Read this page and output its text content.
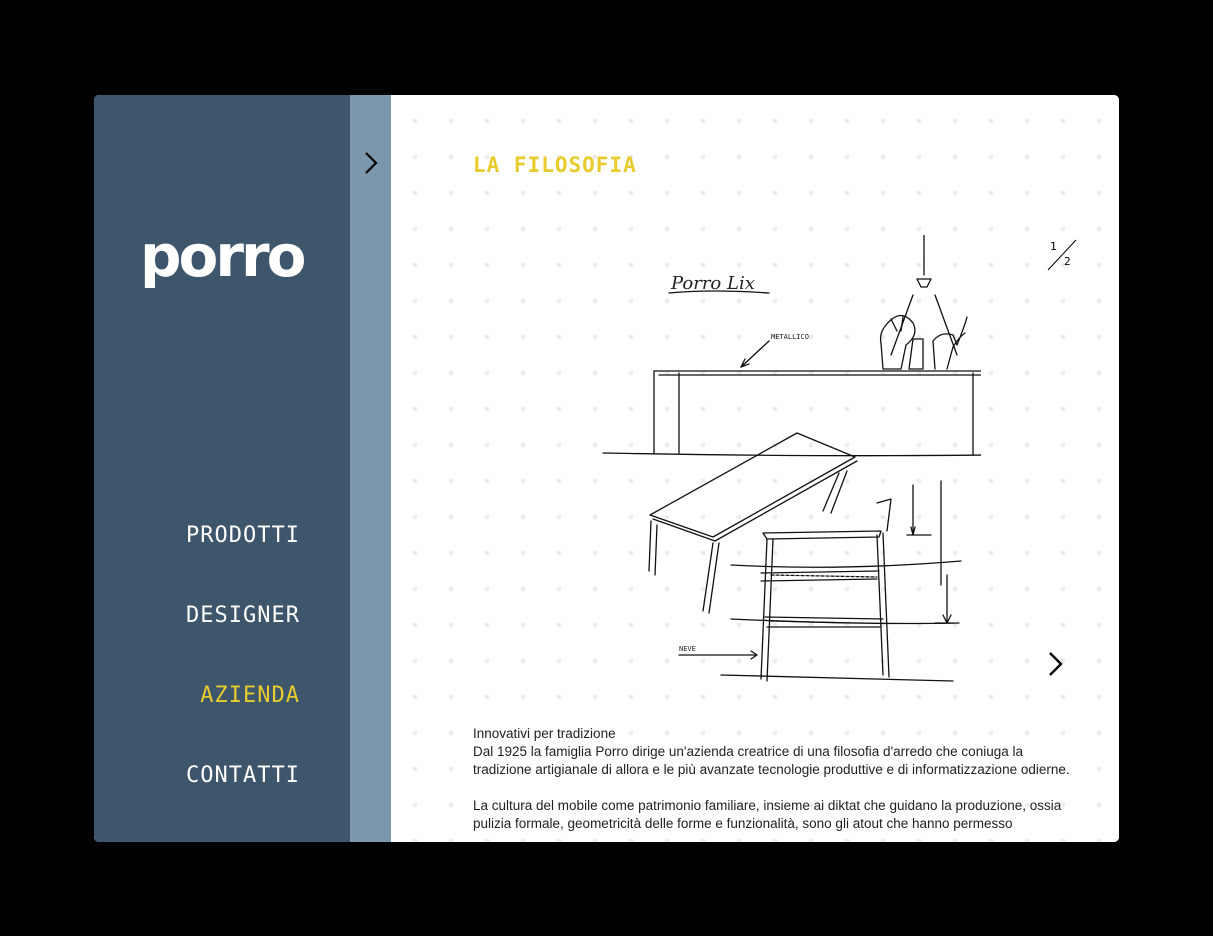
porro
PRODOTTI
DESIGNER
AZIENDA
CONTATTI
LA FILOSOFIA
1
2
Porro Lix
METALLICO
NEVE

Innovativi per tradizione
Dal 1925 la famiglia Porro dirige un'azienda creatrice di una filosofia d'arredo che coniuga la tradizione artigianale di allora e le più avanzate tecnologie produttive e di informatizzazione odierne.

La cultura del mobile come patrimonio familiare, insieme ai diktat che guidano la produzione, ossia pulizia formale, geometricità delle forme e funzionalità, sono gli atout che hanno permesso
